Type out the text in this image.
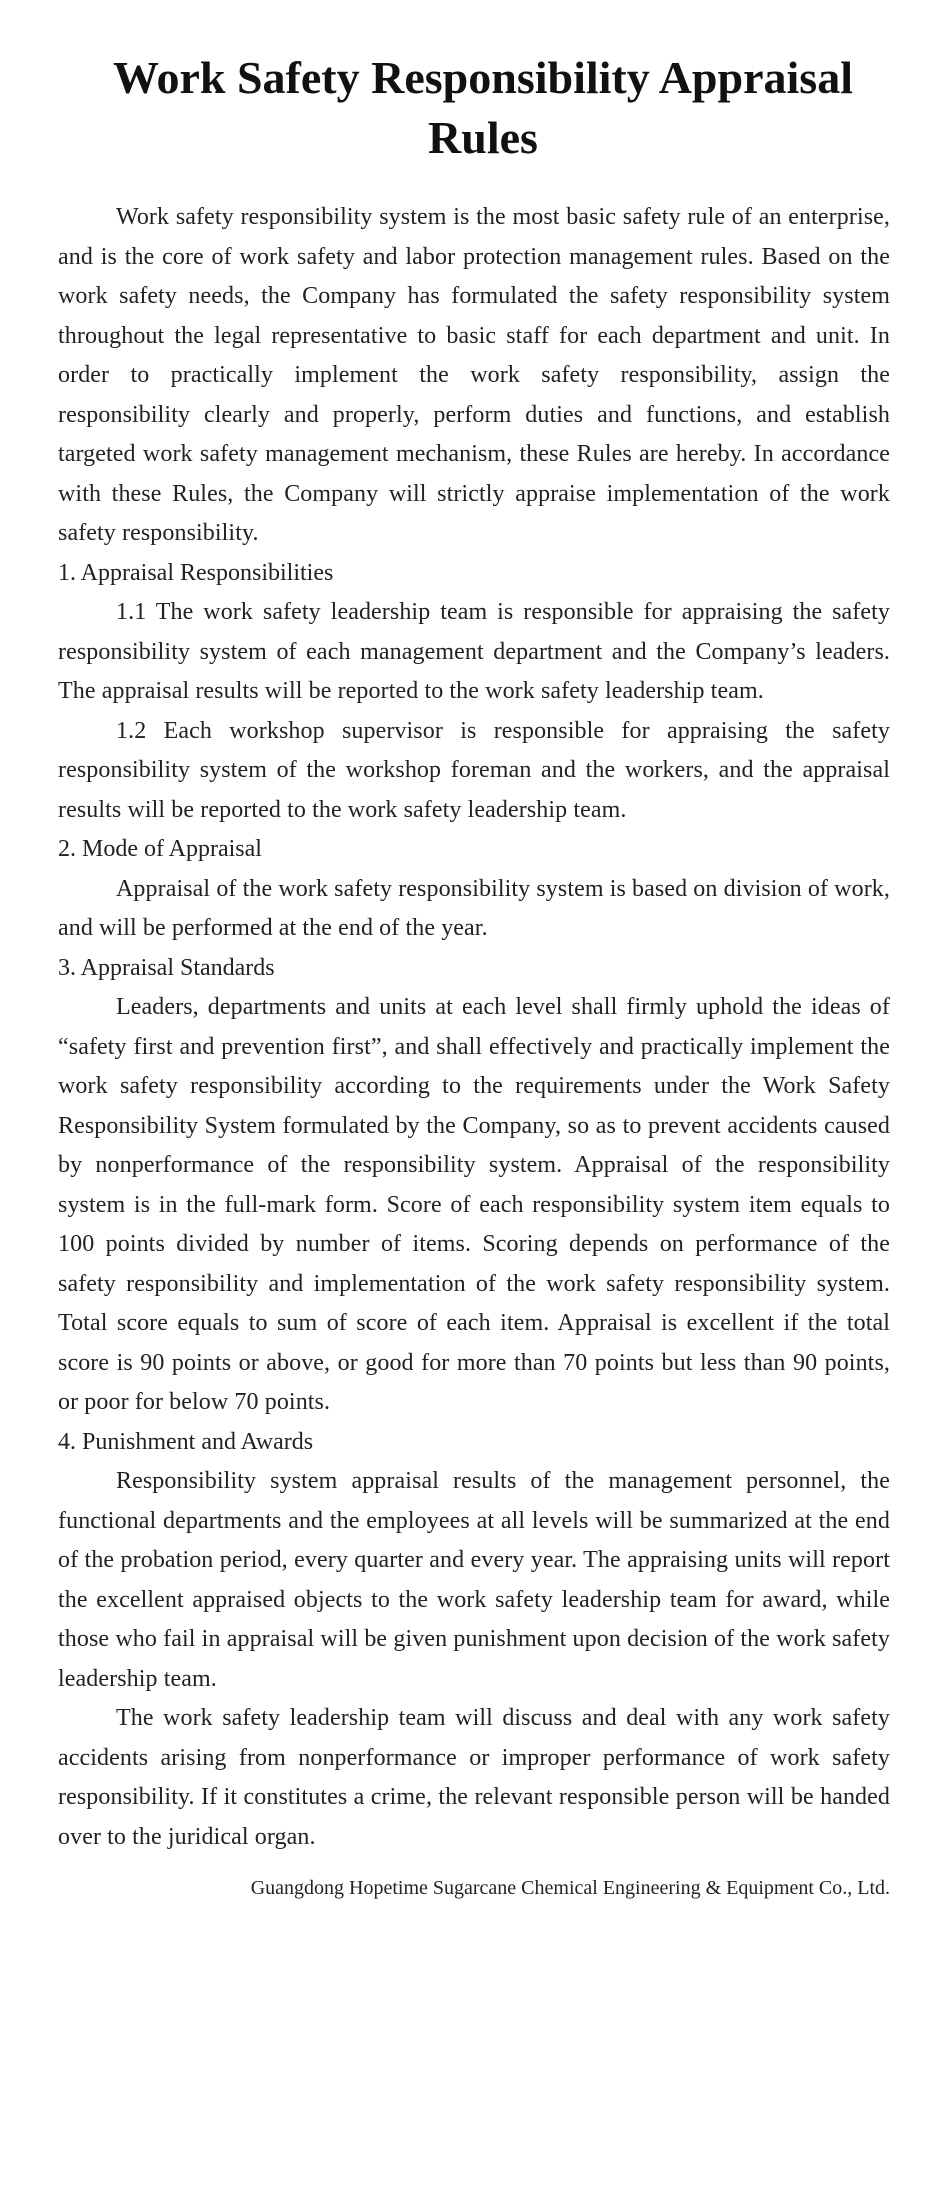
Work Safety Responsibility Appraisal Rules

Work safety responsibility system is the most basic safety rule of an enterprise, and is the core of work safety and labor protection management rules. Based on the work safety needs, the Company has formulated the safety responsibility system throughout the legal representative to basic staff for each department and unit. In order to practically implement the work safety responsibility, assign the responsibility clearly and properly, perform duties and functions, and establish targeted work safety management mechanism, these Rules are hereby. In accordance with these Rules, the Company will strictly appraise implementation of the work safety responsibility.

1. Appraisal Responsibilities

1.1 The work safety leadership team is responsible for appraising the safety responsibility system of each management department and the Company’s leaders. The appraisal results will be reported to the work safety leadership team.

1.2 Each workshop supervisor is responsible for appraising the safety responsibility system of the workshop foreman and the workers, and the appraisal results will be reported to the work safety leadership team.

2. Mode of Appraisal

Appraisal of the work safety responsibility system is based on division of work, and will be performed at the end of the year.

3. Appraisal Standards

Leaders, departments and units at each level shall firmly uphold the ideas of “safety first and prevention first”, and shall effectively and practically implement the work safety responsibility according to the requirements under the Work Safety Responsibility System formulated by the Company, so as to prevent accidents caused by nonperformance of the responsibility system. Appraisal of the responsibility system is in the full-mark form. Score of each responsibility system item equals to 100 points divided by number of items. Scoring depends on performance of the safety responsibility and implementation of the work safety responsibility system. Total score equals to sum of score of each item. Appraisal is excellent if the total score is 90 points or above, or good for more than 70 points but less than 90 points, or poor for below 70 points.

4. Punishment and Awards

Responsibility system appraisal results of the management personnel, the functional departments and the employees at all levels will be summarized at the end of the probation period, every quarter and every year. The appraising units will report the excellent appraised objects to the work safety leadership team for award, while those who fail in appraisal will be given punishment upon decision of the work safety leadership team.

The work safety leadership team will discuss and deal with any work safety accidents arising from nonperformance or improper performance of work safety responsibility. If it constitutes a crime, the relevant responsible person will be handed over to the juridical organ.

Guangdong Hopetime Sugarcane Chemical Engineering & Equipment Co., Ltd.
